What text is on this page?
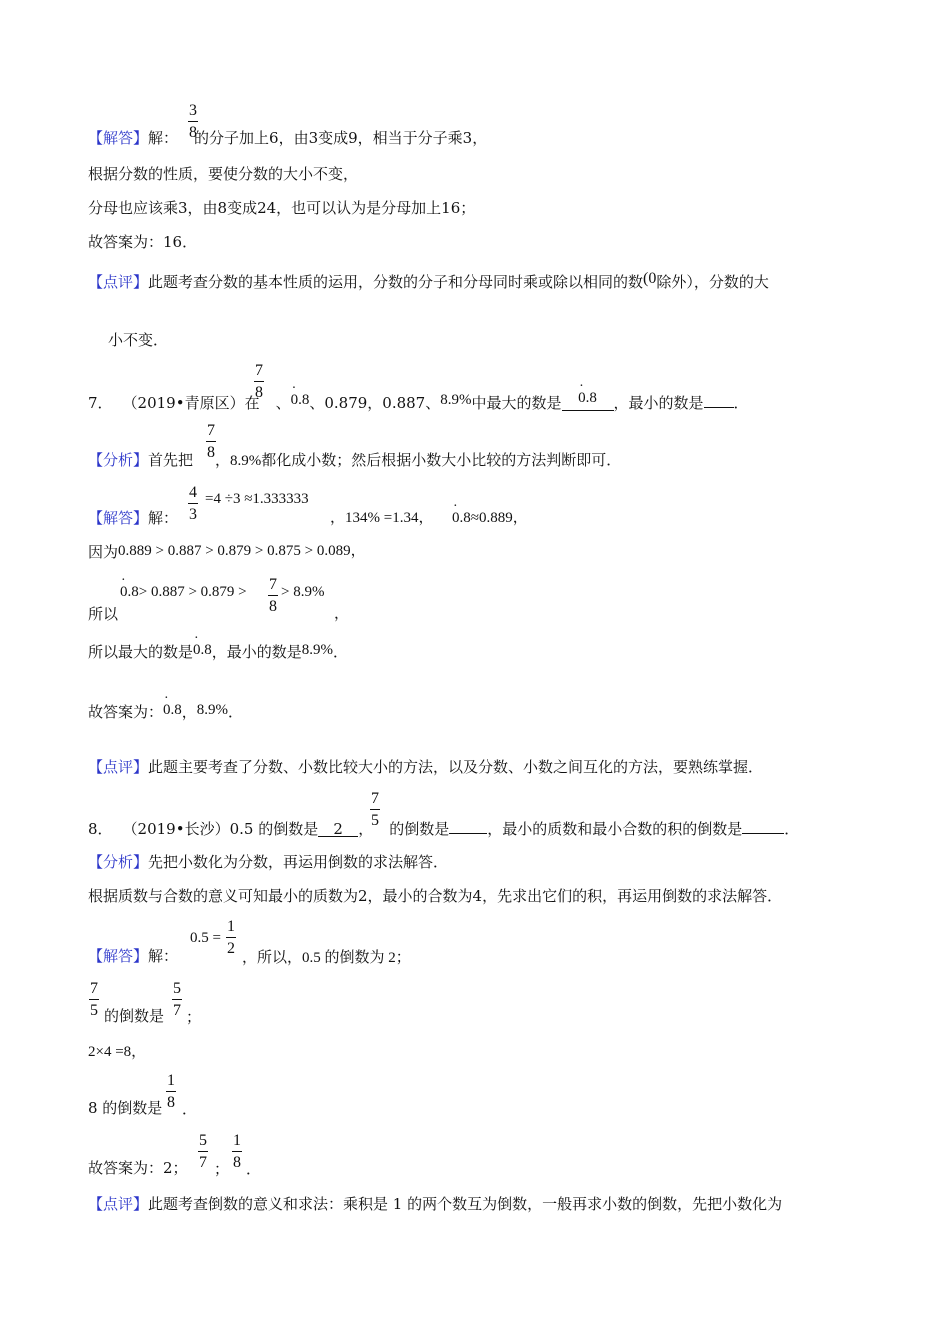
3
8
【解答】解： 的分子加上6，由3变成9，相当于分子乘3，
根据分数的性质，要使分数的大小不变，
分母也应该乘3，由8变成24，也可以认为是分母加上16；
故答案为：16．
【点评】此题考查分数的基本性质的运用，分数的分子和分母同时乘或除以相同的数(0除外），分数的大
小不变．
7
8
7． （2019•青原区）在 、· 0.8、0.879，0.887、8.9%中最大的数是 · 0.8 ，最小的数是 ．
7
8
【分析】首先把 ，8.9%都化成小数；然后根据小数大小比较的方法判断即可．
4
3
=4 ÷3 ≈1.333333
【解答】解：	，134% =1.34， · 0.8≈0.889，
因为0.889 > 0.887 > 0.879 > 0.875 > 0.089，
7
8
· 0.8> 0.887 > 0.879 > > 8.9%
所以	，
所以最大的数是· 0.8，最小的数是8.9%．
故答案为：· 0.8，8.9%．
【点评】此题主要考查了分数、小数比较大小的方法，以及分数、小数之间互化的方法，要熟练掌握．
7
5
8． （2019•长沙）0.5 的倒数是 2 ， 的倒数是	，最小的质数和最小合数的积的倒数是	．
【分析】先把小数化为分数，再运用倒数的求法解答．
根据质数与合数的意义可知最小的质数为2，最小的合数为4，先求出它们的积，再运用倒数的求法解答．
0.5 =
1
2
【解答】解：	，所以，0.5 的倒数为 2；
7
5
5
7
的倒数是 ；
2×4 =8，
1
8
8 的倒数是 ．
5
7
1
8
故答案为：2； ； ．
【点评】此题考查倒数的意义和求法：乘积是 1 的两个数互为倒数，一般再求小数的倒数，先把小数化为
